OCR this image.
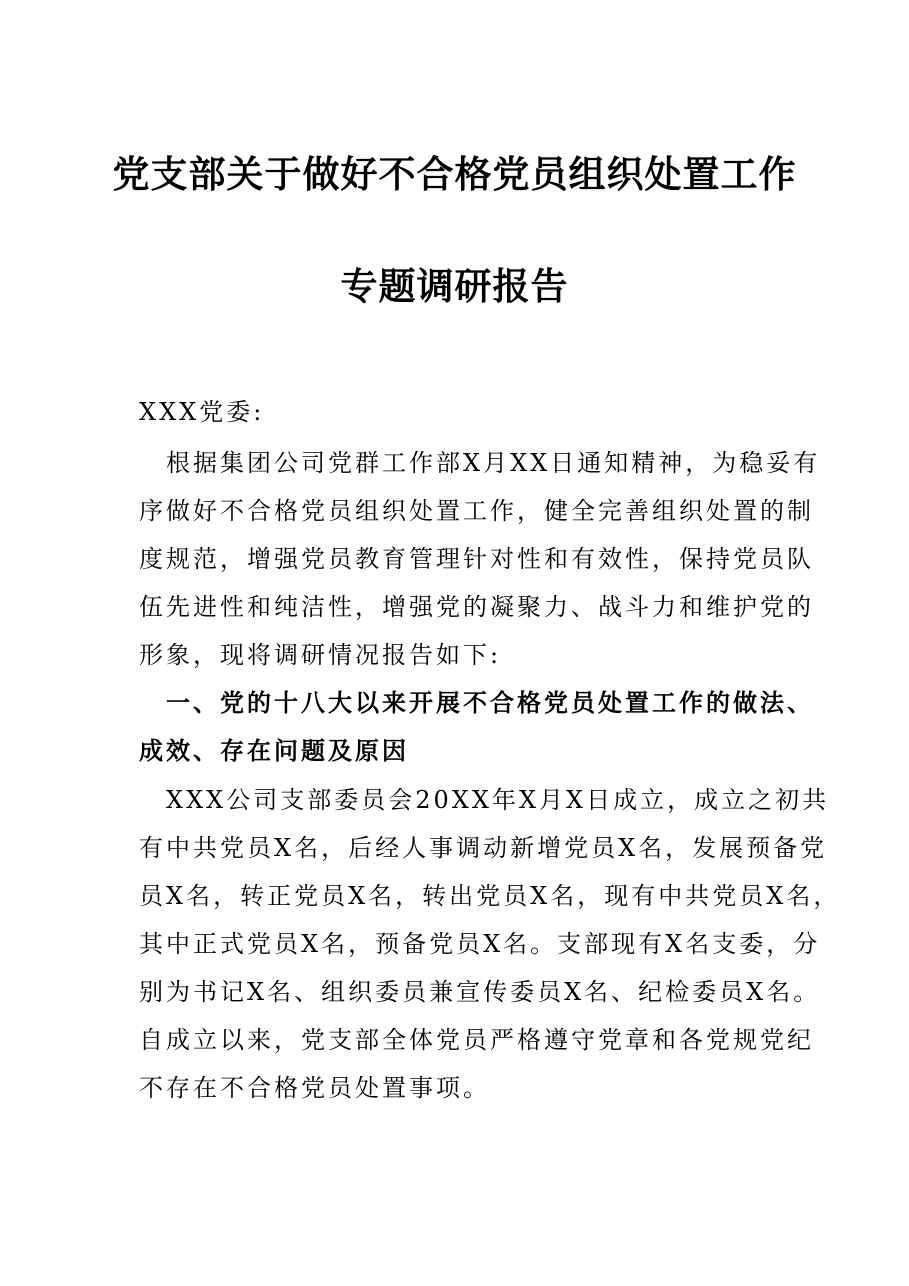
党支部关于做好不合格党员组织处置工作
专题调研报告
XXX党委:
　根据集团公司党群工作部X月XX日通知精神，为稳妥有
序做好不合格党员组织处置工作，健全完善组织处置的制
度规范，增强党员教育管理针对性和有效性，保持党员队
伍先进性和纯洁性，增强党的凝聚力、战斗力和维护党的
形象，现将调研情况报告如下:
　一、党的十八大以来开展不合格党员处置工作的做法、
成效、存在问题及原因
　XXX公司支部委员会20XX年X月X日成立，成立之初共
有中共党员X名，后经人事调动新增党员X名，发展预备党
员X名，转正党员X名，转出党员X名，现有中共党员X名，
其中正式党员X名，预备党员X名。支部现有X名支委，分
别为书记X名、组织委员兼宣传委员X名、纪检委员X名。
自成立以来，党支部全体党员严格遵守党章和各党规党纪
不存在不合格党员处置事项。
